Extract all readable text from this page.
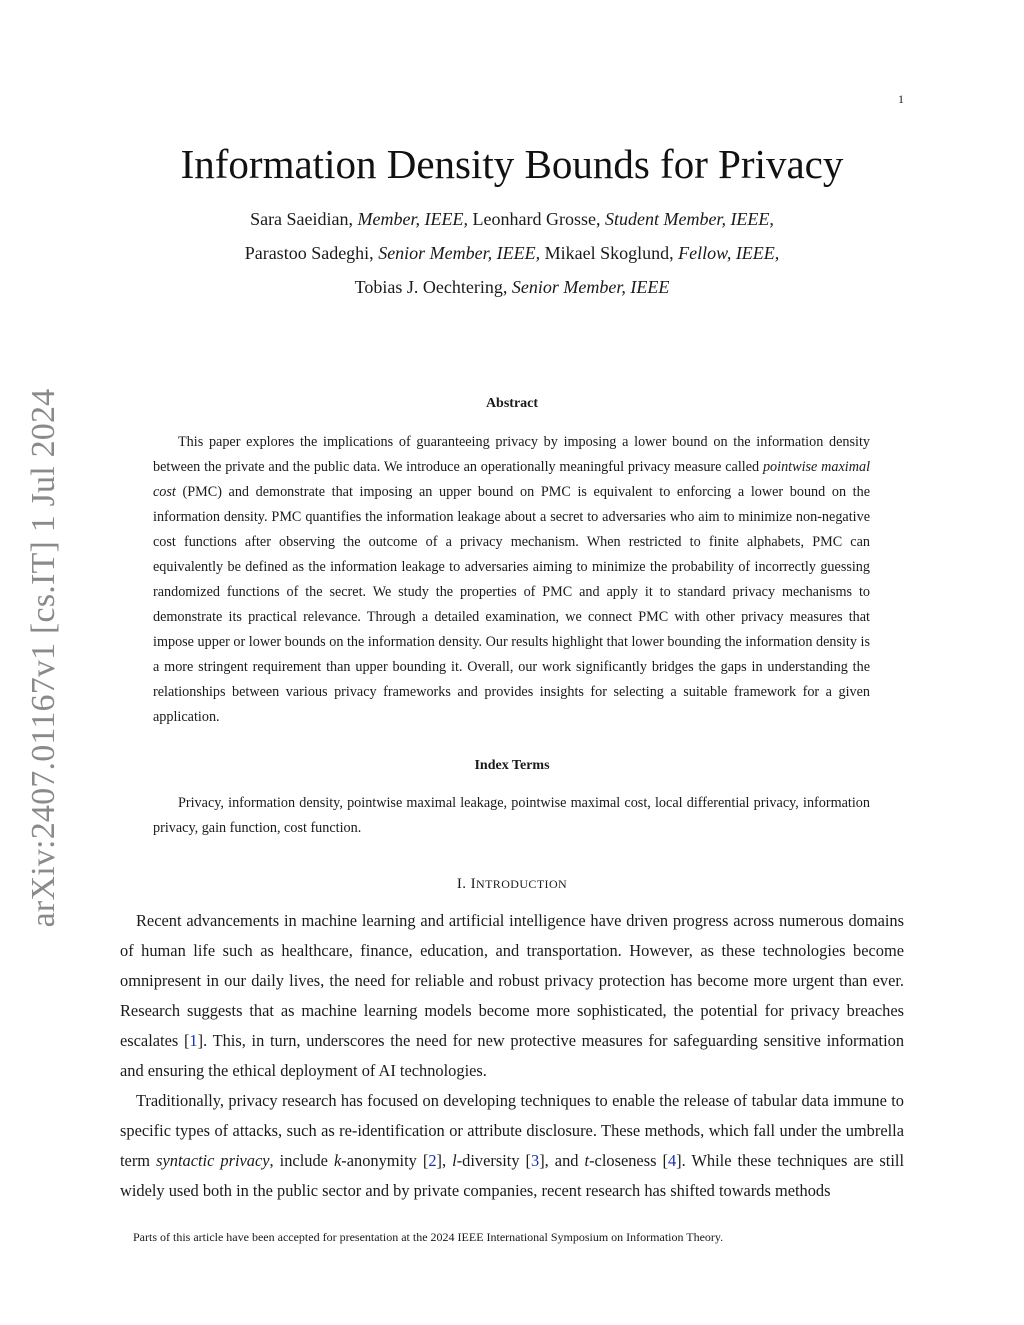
1
arXiv:2407.01167v1 [cs.IT] 1 Jul 2024
Information Density Bounds for Privacy
Sara Saeidian, Member, IEEE, Leonhard Grosse, Student Member, IEEE,
Parastoo Sadeghi, Senior Member, IEEE, Mikael Skoglund, Fellow, IEEE,
Tobias J. Oechtering, Senior Member, IEEE
Abstract

This paper explores the implications of guaranteeing privacy by imposing a lower bound on the information density between the private and the public data. We introduce an operationally meaningful privacy measure called pointwise maximal cost (PMC) and demonstrate that imposing an upper bound on PMC is equivalent to enforcing a lower bound on the information density. PMC quantifies the information leakage about a secret to adversaries who aim to minimize non-negative cost functions after observing the outcome of a privacy mechanism. When restricted to finite alphabets, PMC can equivalently be defined as the information leakage to adversaries aiming to minimize the probability of incorrectly guessing randomized functions of the secret. We study the properties of PMC and apply it to standard privacy mechanisms to demonstrate its practical relevance. Through a detailed examination, we connect PMC with other privacy measures that impose upper or lower bounds on the information density. Our results highlight that lower bounding the information density is a more stringent requirement than upper bounding it. Overall, our work significantly bridges the gaps in understanding the relationships between various privacy frameworks and provides insights for selecting a suitable framework for a given application.

Index Terms

Privacy, information density, pointwise maximal leakage, pointwise maximal cost, local differential privacy, information privacy, gain function, cost function.

I. INTRODUCTION

Recent advancements in machine learning and artificial intelligence have driven progress across numerous domains of human life such as healthcare, finance, education, and transportation. However, as these technologies become omnipresent in our daily lives, the need for reliable and robust privacy protection has become more urgent than ever. Research suggests that as machine learning models become more sophisticated, the potential for privacy breaches escalates [1]. This, in turn, underscores the need for new protective measures for safeguarding sensitive information and ensuring the ethical deployment of AI technologies.

Traditionally, privacy research has focused on developing techniques to enable the release of tabular data immune to specific types of attacks, such as re-identification or attribute disclosure. These methods, which fall under the umbrella term syntactic privacy, include k-anonymity [2], l-diversity [3], and t-closeness [4]. While these techniques are still widely used both in the public sector and by private companies, recent research has shifted towards methods

Parts of this article have been accepted for presentation at the 2024 IEEE International Symposium on Information Theory.
